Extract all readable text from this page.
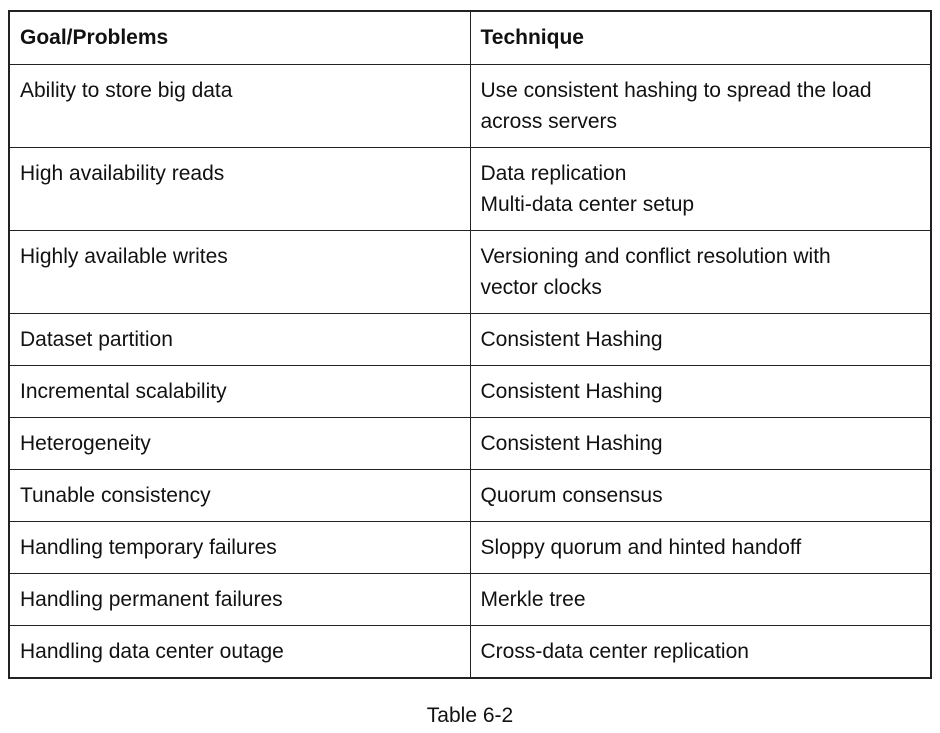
Goal/Problems	Technique
Ability to store big data	Use consistent hashing to spread the load
across servers

High availability reads	Data replication
Multi-data center setup

Highly available writes	Versioning and conflict resolution with
vector clocks

Dataset partition	Consistent Hashing

Incremental scalability	Consistent Hashing

Heterogeneity	Consistent Hashing

Tunable consistency	Quorum consensus

Handling temporary failures	Sloppy quorum and hinted handoff

Handling permanent failures	Merkle tree

Handling data center outage	Cross-data center replication
Table 6-2
